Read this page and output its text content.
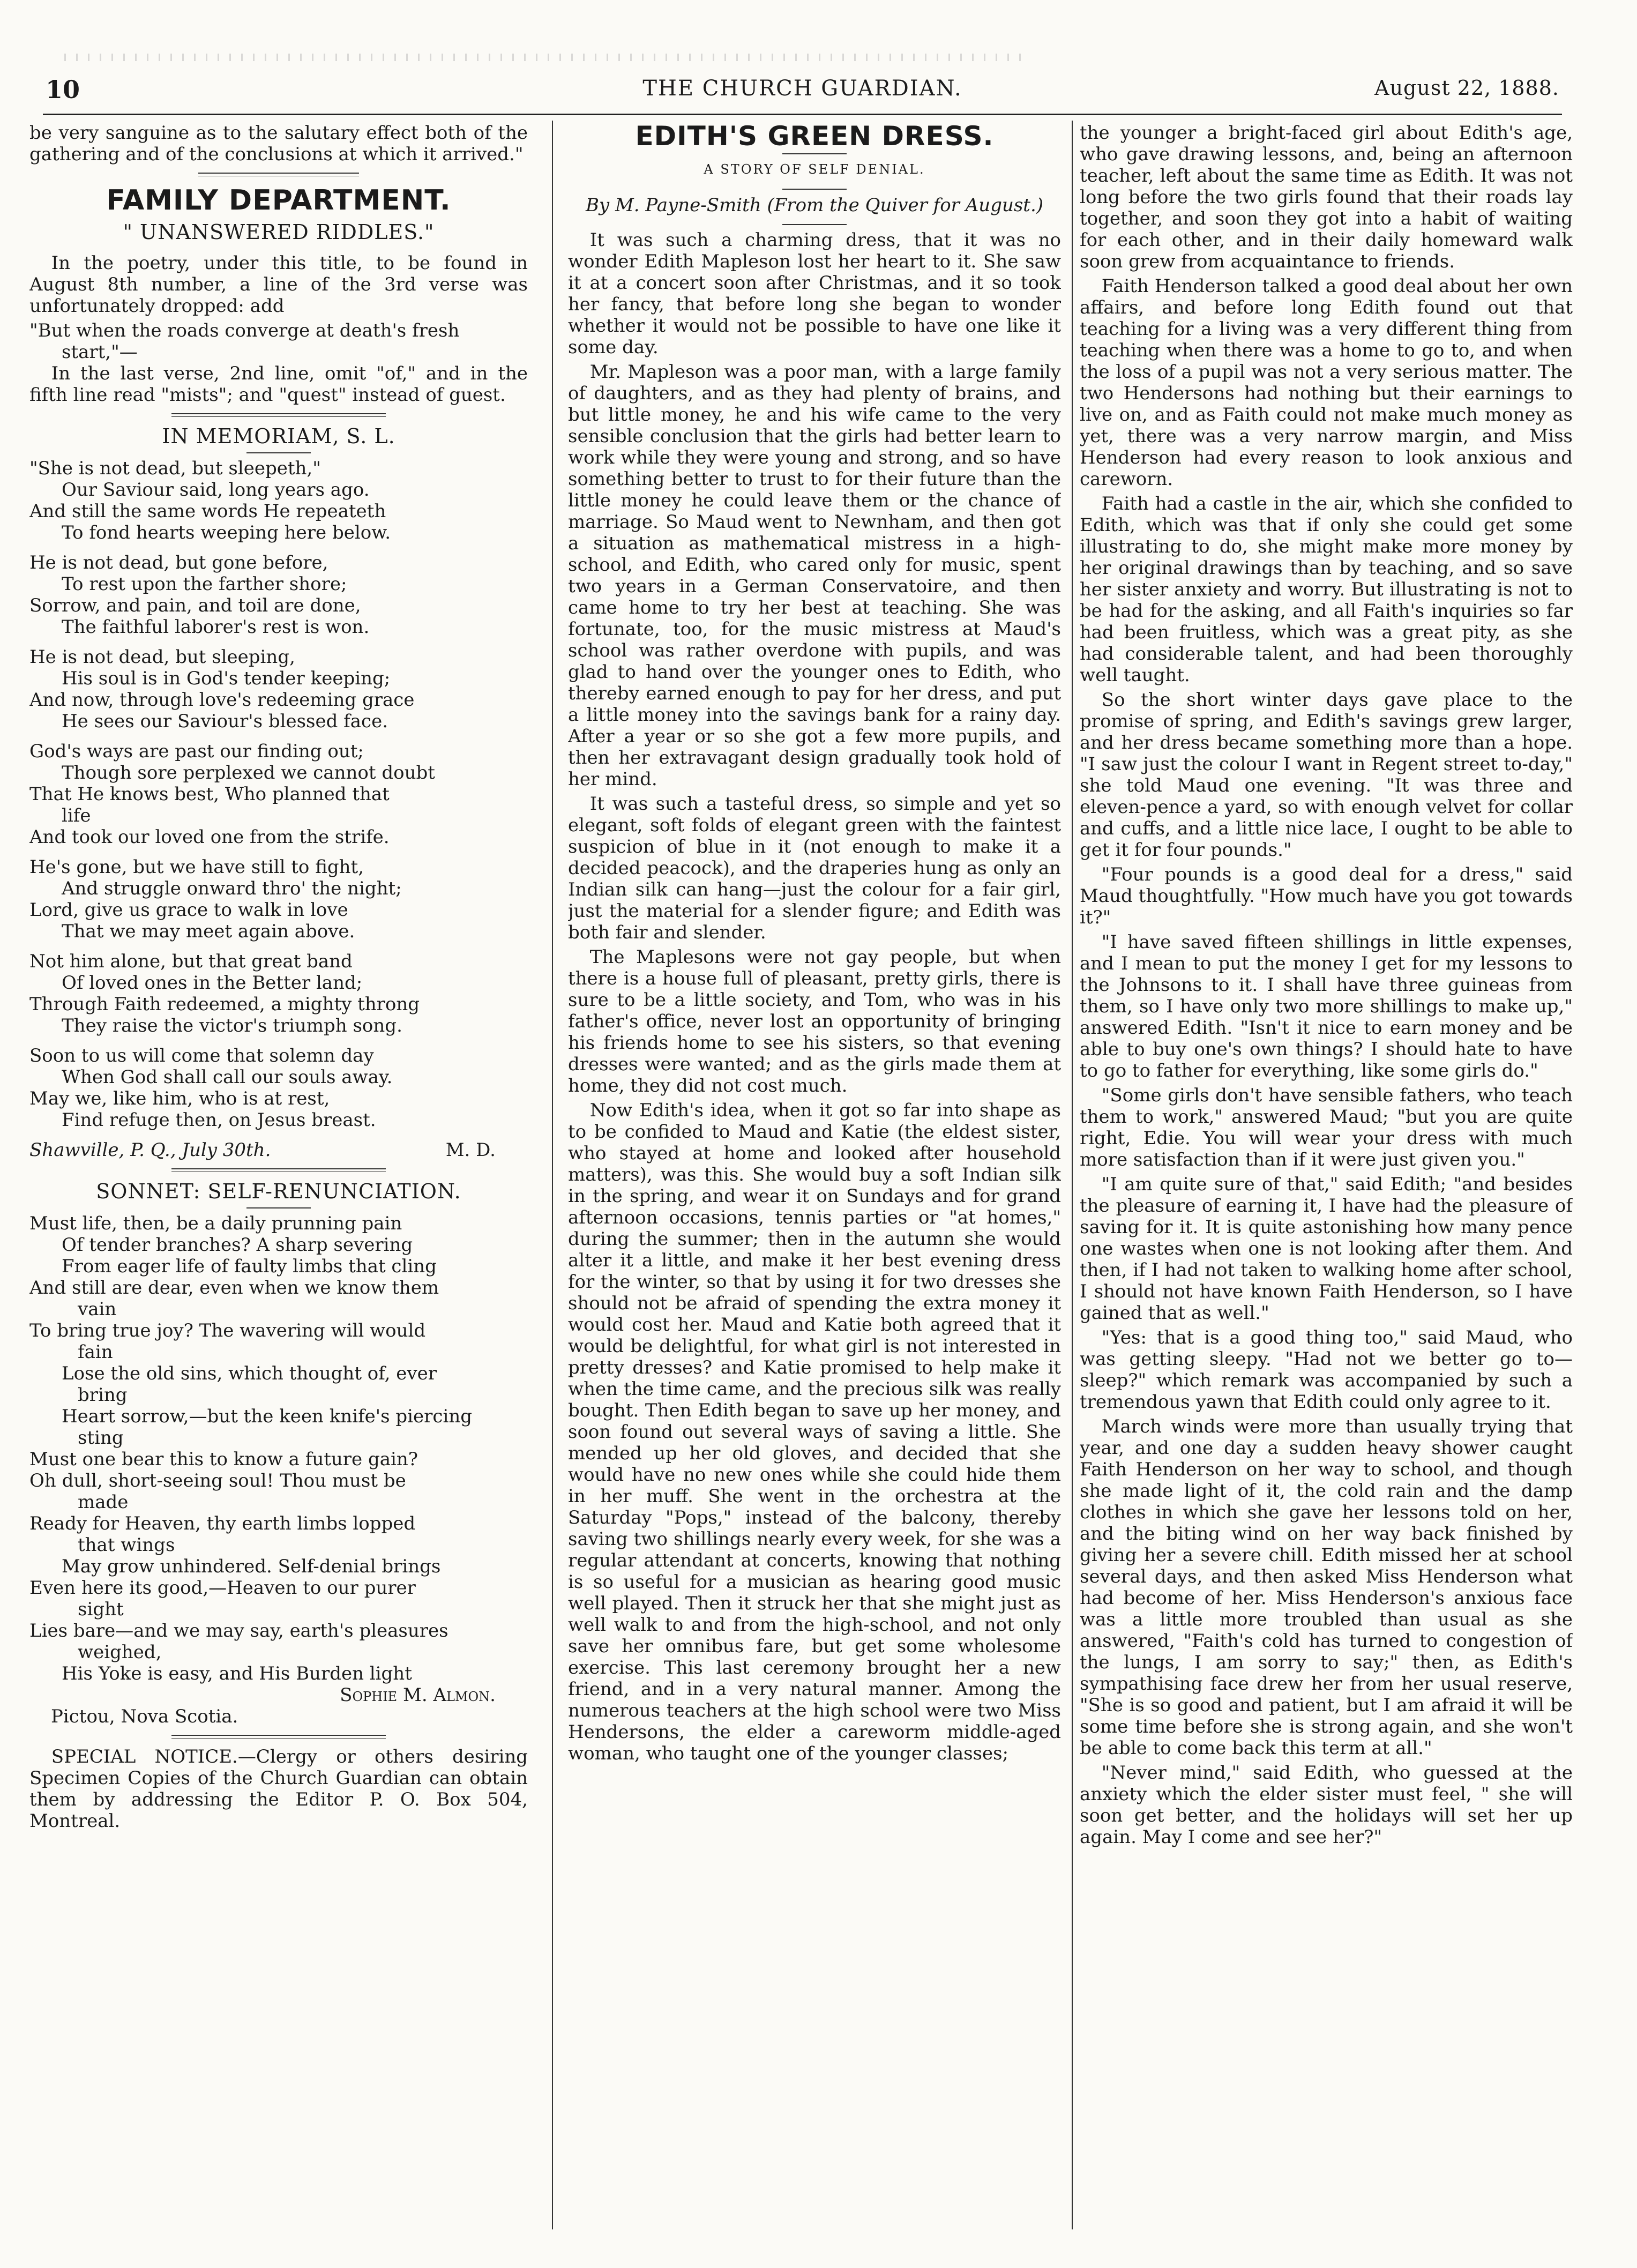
10	THE CHURCH GUARDIAN.	August 22, 1888.

be very sanguine as to the salutary effect both of the gathering and of the conclusions at which it arrived."

FAMILY DEPARTMENT.
" UNANSWERED RIDDLES."

In the poetry, under this title, to be found in August 8th number, a line of the 3rd verse was unfortunately dropped: add

"But when the roads converge at death's fresh
start,"—

In the last verse, 2nd line, omit "of," and in the fifth line read "mists"; and "quest" instead of guest.

IN MEMORIAM, S. L.
"She is not dead, but sleepeth,"
Our Saviour said, long years ago.
And still the same words He repeateth
To fond hearts weeping here below.
He is not dead, but gone before,
To rest upon the farther shore;
Sorrow, and pain, and toil are done,
The faithful laborer's rest is won.
He is not dead, but sleeping,
His soul is in God's tender keeping;
And now, through love's redeeming grace
He sees our Saviour's blessed face.
God's ways are past our finding out;
Though sore perplexed we cannot doubt
That He knows best, Who planned that
life
And took our loved one from the strife.
He's gone, but we have still to fight,
And struggle onward thro' the night;
Lord, give us grace to walk in love
That we may meet again above.
Not him alone, but that great band
Of loved ones in the Better land;
Through Faith redeemed, a mighty throng
They raise the victor's triumph song.
Soon to us will come that solemn day
When God shall call our souls away.
May we, like him, who is at rest,
Find refuge then, on Jesus breast.
Shawville, P. Q., July 30th.	M. D.
SONNET: SELF-RENUNCIATION.
Must life, then, be a daily prunning pain
Of tender branches? A sharp severing
From eager life of faulty limbs that cling
And still are dear, even when we know them
vain
To bring true joy? The wavering will would
fain
Lose the old sins, which thought of, ever
bring
Heart sorrow,—but the keen knife's piercing
sting
Must one bear this to know a future gain?
Oh dull, short-seeing soul! Thou must be
made
Ready for Heaven, thy earth limbs lopped
that wings
May grow unhindered. Self-denial brings
Even here its good,—Heaven to our purer
sight
Lies bare—and we may say, earth's pleasures
weighed,
His Yoke is easy, and His Burden light
Sophie M. Almon.
Pictou, Nova Scotia.

SPECIAL NOTICE.—Clergy or others desiring Specimen Copies of the Church Guardian can obtain them by addressing the Editor P. O. Box 504, Montreal.

EDITH'S GREEN DRESS.
A STORY OF SELF DENIAL.
By M. Payne-Smith (From the Quiver for August.)

It was such a charming dress, that it was no wonder Edith Mapleson lost her heart to it. She saw it at a concert soon after Christmas, and it so took her fancy, that before long she began to wonder whether it would not be possible to have one like it some day.

Mr. Mapleson was a poor man, with a large family of daughters, and as they had plenty of brains, and but little money, he and his wife came to the very sensible conclusion that the girls had better learn to work while they were young and strong, and so have something better to trust to for their future than the little money he could leave them or the chance of marriage. So Maud went to Newnham, and then got a situation as mathematical mistress in a high-school, and Edith, who cared only for music, spent two years in a German Conservatoire, and then came home to try her best at teaching. She was fortunate, too, for the music mistress at Maud's school was rather overdone with pupils, and was glad to hand over the younger ones to Edith, who thereby earned enough to pay for her dress, and put a little money into the savings bank for a rainy day. After a year or so she got a few more pupils, and then her extravagant design gradually took hold of her mind.

It was such a tasteful dress, so simple and yet so elegant, soft folds of elegant green with the faintest suspicion of blue in it (not enough to make it a decided peacock), and the draperies hung as only an Indian silk can hang—just the colour for a fair girl, just the material for a slender figure; and Edith was both fair and slender.

The Maplesons were not gay people, but when there is a house full of pleasant, pretty girls, there is sure to be a little society, and Tom, who was in his father's office, never lost an opportunity of bringing his friends home to see his sisters, so that evening dresses were wanted; and as the girls made them at home, they did not cost much.

Now Edith's idea, when it got so far into shape as to be confided to Maud and Katie (the eldest sister, who stayed at home and looked after household matters), was this. She would buy a soft Indian silk in the spring, and wear it on Sundays and for grand afternoon occasions, tennis parties or "at homes," during the summer; then in the autumn she would alter it a little, and make it her best evening dress for the winter, so that by using it for two dresses she should not be afraid of spending the extra money it would cost her. Maud and Katie both agreed that it would be delightful, for what girl is not interested in pretty dresses? and Katie promised to help make it when the time came, and the precious silk was really bought. Then Edith began to save up her money, and soon found out several ways of saving a little. She mended up her old gloves, and decided that she would have no new ones while she could hide them in her muff. She went in the orchestra at the Saturday "Pops," instead of the balcony, thereby saving two shillings nearly every week, for she was a regular attendant at concerts, knowing that nothing is so useful for a musician as hearing good music well played. Then it struck her that she might just as well walk to and from the high-school, and not only save her omnibus fare, but get some wholesome exercise. This last ceremony brought her a new friend, and in a very natural manner. Among the numerous teachers at the high school were two Miss Hendersons, the elder a careworm middle-aged woman, who taught one of the younger classes;

the younger a bright-faced girl about Edith's age, who gave drawing lessons, and, being an afternoon teacher, left about the same time as Edith. It was not long before the two girls found that their roads lay together, and soon they got into a habit of waiting for each other, and in their daily homeward walk soon grew from acquaintance to friends.

Faith Henderson talked a good deal about her own affairs, and before long Edith found out that teaching for a living was a very different thing from teaching when there was a home to go to, and when the loss of a pupil was not a very serious matter. The two Hendersons had nothing but their earnings to live on, and as Faith could not make much money as yet, there was a very narrow margin, and Miss Henderson had every reason to look anxious and careworn.

Faith had a castle in the air, which she confided to Edith, which was that if only she could get some illustrating to do, she might make more money by her original drawings than by teaching, and so save her sister anxiety and worry. But illustrating is not to be had for the asking, and all Faith's inquiries so far had been fruitless, which was a great pity, as she had considerable talent, and had been thoroughly well taught.

So the short winter days gave place to the promise of spring, and Edith's savings grew larger, and her dress became something more than a hope. "I saw just the colour I want in Regent street to-day," she told Maud one evening. "It was three and eleven-pence a yard, so with enough velvet for collar and cuffs, and a little nice lace, I ought to be able to get it for four pounds."

"Four pounds is a good deal for a dress," said Maud thoughtfully. "How much have you got towards it?"

"I have saved fifteen shillings in little expenses, and I mean to put the money I get for my lessons to the Johnsons to it. I shall have three guineas from them, so I have only two more shillings to make up," answered Edith. "Isn't it nice to earn money and be able to buy one's own things? I should hate to have to go to father for everything, like some girls do."

"Some girls don't have sensible fathers, who teach them to work," answered Maud; "but you are quite right, Edie. You will wear your dress with much more satisfaction than if it were just given you."

"I am quite sure of that," said Edith; "and besides the pleasure of earning it, I have had the pleasure of saving for it. It is quite astonishing how many pence one wastes when one is not looking after them. And then, if I had not taken to walking home after school, I should not have known Faith Henderson, so I have gained that as well."

"Yes: that is a good thing too," said Maud, who was getting sleepy. "Had not we better go to—sleep?" which remark was accompanied by such a tremendous yawn that Edith could only agree to it.

March winds were more than usually trying that year, and one day a sudden heavy shower caught Faith Henderson on her way to school, and though she made light of it, the cold rain and the damp clothes in which she gave her lessons told on her, and the biting wind on her way back finished by giving her a severe chill. Edith missed her at school several days, and then asked Miss Henderson what had become of her. Miss Henderson's anxious face was a little more troubled than usual as she answered, "Faith's cold has turned to congestion of the lungs, I am sorry to say;" then, as Edith's sympathising face drew her from her usual reserve, "She is so good and patient, but I am afraid it will be some time before she is strong again, and she won't be able to come back this term at all."

"Never mind," said Edith, who guessed at the anxiety which the elder sister must feel, " she will soon get better, and the holidays will set her up again. May I come and see her?"
